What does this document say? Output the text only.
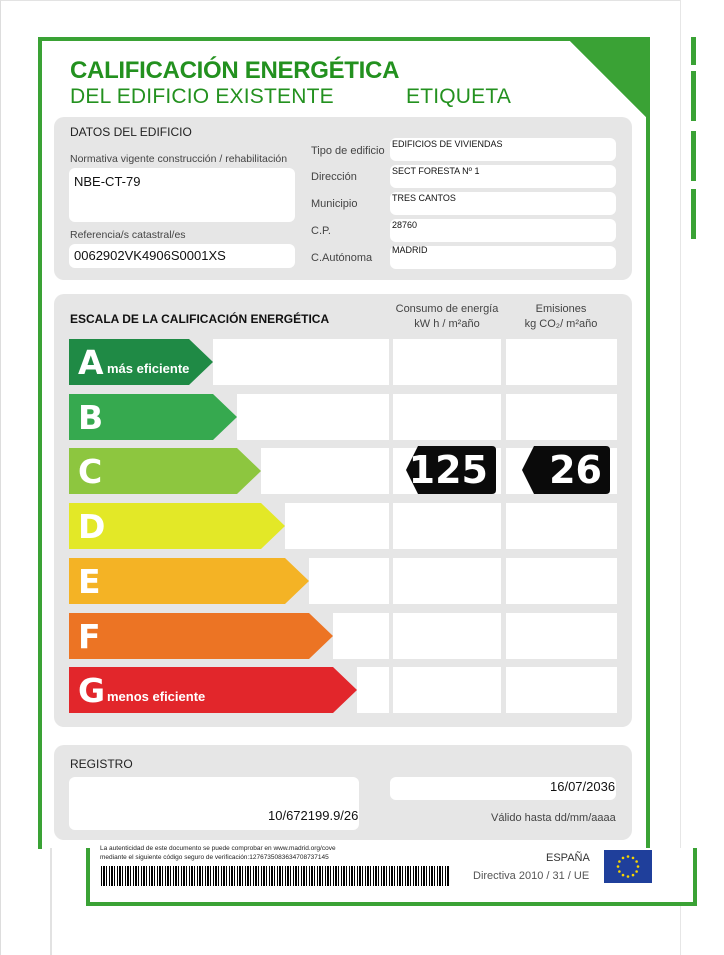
CALIFICACIÓN ENERGÉTICA
DEL EDIFICIO EXISTENTE	ETIQUETA
DATOS DEL EDIFICIO
Normativa vigente construcción / rehabilitación
NBE-CT-79
Referencia/s catastral/es
0062902VK4906S0001XS
Tipo de edificio
Dirección
Municipio
C.P.
C.Autónoma
EDIFICIOS DE VIVIENDAS
SECT FORESTA Nº 1
TRES CANTOS
28760
MADRID
ESCALA DE LA CALIFICACIÓN ENERGÉTICA
Consumo de energía
kW h / m²año
Emisiones
kg CO₂/ m²año
A más eficiente
B
C
D
E
F
G menos eficiente
125 26
REGISTRO
10/672199.9/26
16/07/2036
Válido hasta dd/mm/aaaa
La autenticidad de este documento se puede comprobar en www.madrid.org/cove
mediante el siguiente código seguro de verificación:1276735083634708737145	ESPAÑA
Directiva 2010 / 31 / UE
